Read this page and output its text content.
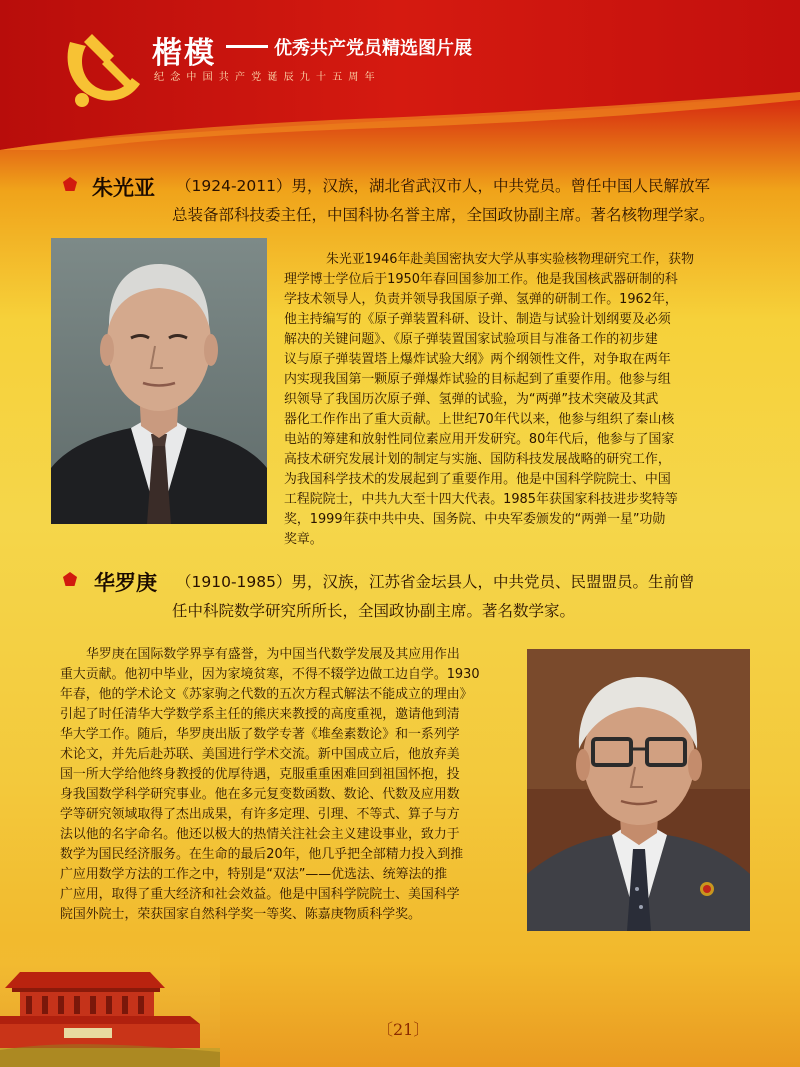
楷模	优秀共产党员精选图片展
纪念中国共产党诞辰九十五周年
朱光亚 （1924-2011）男，汉族，湖北省武汉市人，中共党员。曾任中国人民解放军
总装备部科技委主任，中国科协名誉主席，全国政协副主席。著名核物理学家。
朱光亚1946年赴美国密执安大学从事实验核物理研究工作，获物
理学博士学位后于1950年春回国参加工作。他是我国核武器研制的科
学技术领导人，负责并领导我国原子弹、氢弹的研制工作。1962年，
他主持编写的《原子弹装置科研、设计、制造与试验计划纲要及必须
解决的关键问题》、《原子弹装置国家试验项目与准备工作的初步建
议与原子弹装置塔上爆炸试验大纲》两个纲领性文件，对争取在两年
内实现我国第一颗原子弹爆炸试验的目标起到了重要作用。他参与组
织领导了我国历次原子弹、氢弹的试验，为“两弹”技术突破及其武
器化工作作出了重大贡献。上世纪70年代以来，他参与组织了秦山核
电站的筹建和放射性同位素应用开发研究。80年代后，他参与了国家
高技术研究发展计划的制定与实施、国防科技发展战略的研究工作，
为我国科学技术的发展起到了重要作用。他是中国科学院院士、中国
工程院院士，中共九大至十四大代表。1985年获国家科技进步奖特等
奖，1999年获中共中央、国务院、中央军委颁发的“两弹一星”功勋
奖章。
华罗庚 （1910-1985）男，汉族，江苏省金坛县人，中共党员、民盟盟员。生前曾
任中科院数学研究所所长，全国政协副主席。著名数学家。
华罗庚在国际数学界享有盛誉，为中国当代数学发展及其应用作出
重大贡献。他初中毕业，因为家境贫寒，不得不辍学边做工边自学。1930
年春，他的学术论文《苏家驹之代数的五次方程式解法不能成立的理由》
引起了时任清华大学数学系主任的熊庆来教授的高度重视，邀请他到清
华大学工作。随后，华罗庚出版了数学专著《堆垒素数论》和一系列学
术论文，并先后赴苏联、美国进行学术交流。新中国成立后，他放弃美
国一所大学给他终身教授的优厚待遇，克服重重困难回到祖国怀抱，投
身我国数学科学研究事业。他在多元复变数函数、数论、代数及应用数
学等研究领域取得了杰出成果，有许多定理、引理、不等式、算子与方
法以他的名字命名。他还以极大的热情关注社会主义建设事业，致力于
数学为国民经济服务。在生命的最后20年，他几乎把全部精力投入到推
广应用数学方法的工作之中，特别是“双法”——优选法、统筹法的推
广应用，取得了重大经济和社会效益。他是中国科学院院士、美国科学
院国外院士，荣获国家自然科学奖一等奖、陈嘉庚物质科学奖。
〔21〕
